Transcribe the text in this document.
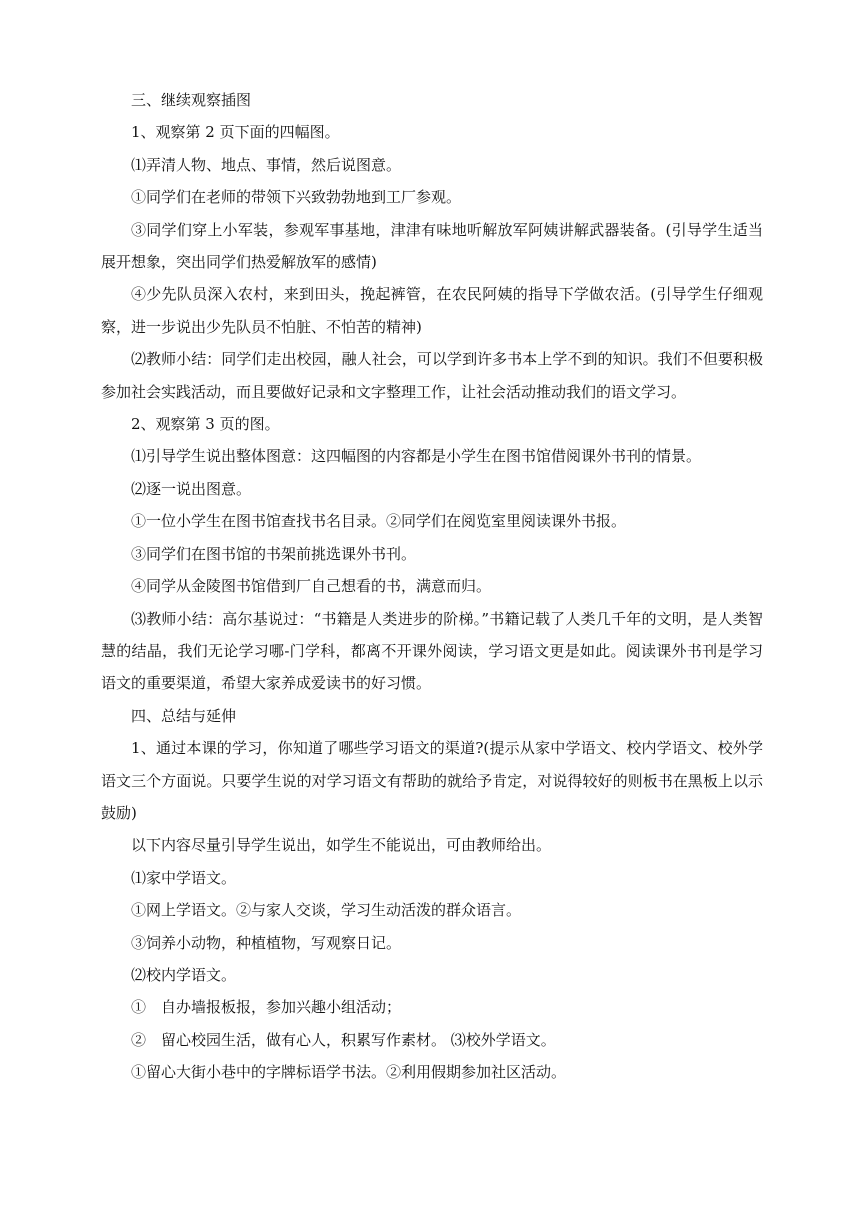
三、继续观察插图

1、观察第 2 页下面的四幅图。

⑴弄清人物、地点、事情，然后说图意。

①同学们在老师的带领下兴致勃勃地到工厂参观。

③同学们穿上小军装，参观军事基地，津津有味地听解放军阿姨讲解武器装备。(引导学生适当展开想象，突出同学们热爱解放军的感情)

④少先队员深入农村，来到田头，挽起裤管，在农民阿姨的指导下学做农活。(引导学生仔细观察，进一步说出少先队员不怕脏、不怕苦的精神)

⑵教师小结：同学们走出校园，融人社会，可以学到许多书本上学不到的知识。我们不但要积极参加社会实践活动，而且要做好记录和文字整理工作，让社会活动推动我们的语文学习。

2、观察第 3 页的图。

⑴引导学生说出整体图意：这四幅图的内容都是小学生在图书馆借阅课外书刊的情景。

⑵逐一说出图意。

①一位小学生在图书馆查找书名目录。②同学们在阅览室里阅读课外书报。

③同学们在图书馆的书架前挑选课外书刊。

④同学从金陵图书馆借到厂自己想看的书，满意而归。

⑶教师小结：高尔基说过：“书籍是人类进步的阶梯。”书籍记载了人类几千年的文明，是人类智慧的结晶，我们无论学习哪-门学科，都离不开课外阅读，学习语文更是如此。阅读课外书刊是学习语文的重要渠道，希望大家养成爱读书的好习惯。

四、总结与延伸

1、通过本课的学习，你知道了哪些学习语文的渠道?(提示从家中学语文、校内学语文、校外学语文三个方面说。只要学生说的对学习语文有帮助的就给予肯定，对说得较好的则板书在黑板上以示鼓励)

以下内容尽量引导学生说出，如学生不能说出，可由教师给出。

⑴家中学语文。

①网上学语文。②与家人交谈，学习生动活泼的群众语言。

③饲养小动物，种植植物，写观察日记。

⑵校内学语文。

①　自办墙报板报，参加兴趣小组活动；

②　留心校园生活，做有心人，积累写作素材。 ⑶校外学语文。

①留心大街小巷中的字牌标语学书法。②利用假期参加社区活动。
